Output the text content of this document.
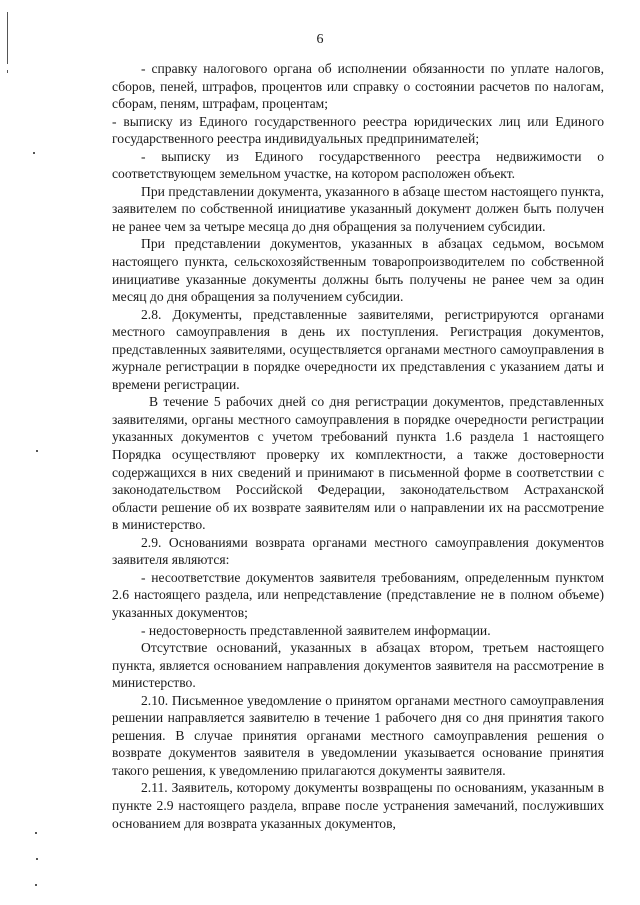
6

- справку налогового органа об исполнении обязанности по уплате налогов, сборов, пеней, штрафов, процентов или справку о состоянии расчетов по налогам, сборам, пеням, штрафам, процентам;

- выписку из Единого государственного реестра юридических лиц или Единого государственного реестра индивидуальных предпринимателей;

- выписку из Единого государственного реестра недвижимости о соответствующем земельном участке, на котором расположен объект.

При представлении документа, указанного в абзаце шестом настоящего пункта, заявителем по собственной инициативе указанный документ должен быть получен не ранее чем за четыре месяца до дня обращения за получением субсидии.

При представлении документов, указанных в абзацах седьмом, восьмом настоящего пункта, сельскохозяйственным товаропроизводителем по собственной инициативе указанные документы должны быть получены не ранее чем за один месяц до дня обращения за получением субсидии.

2.8. Документы, представленные заявителями, регистрируются органами местного самоуправления в день их поступления. Регистрация документов, представленных заявителями, осуществляется органами местного самоуправления в журнале регистрации в порядке очередности их представления с указанием даты и времени регистрации.

В течение 5 рабочих дней со дня регистрации документов, представленных заявителями, органы местного самоуправления в порядке очередности регистрации указанных документов с учетом требований пункта 1.6 раздела 1 настоящего Порядка осуществляют проверку их комплектности, а также достоверности содержащихся в них сведений и принимают в письменной форме в соответствии с законодательством Российской Федерации, законодательством Астраханской области решение об их возврате заявителям или о направлении их на рассмотрение в министерство.

2.9. Основаниями возврата органами местного самоуправления документов заявителя являются:

- несоответствие документов заявителя требованиям, определенным пунктом 2.6 настоящего раздела, или непредставление (представление не в полном объеме) указанных документов;

- недостоверность представленной заявителем информации.

Отсутствие оснований, указанных в абзацах втором, третьем настоящего пункта, является основанием направления документов заявителя на рассмотрение в министерство.

2.10. Письменное уведомление о принятом органами местного самоуправления решении направляется заявителю в течение 1 рабочего дня со дня принятия такого решения. В случае принятия органами местного самоуправления решения о возврате документов заявителя в уведомлении указывается основание принятия такого решения, к уведомлению прилагаются документы заявителя.

2.11. Заявитель, которому документы возвращены по основаниям, указанным в пункте 2.9 настоящего раздела, вправе после устранения замечаний, послуживших основанием для возврата указанных документов,
